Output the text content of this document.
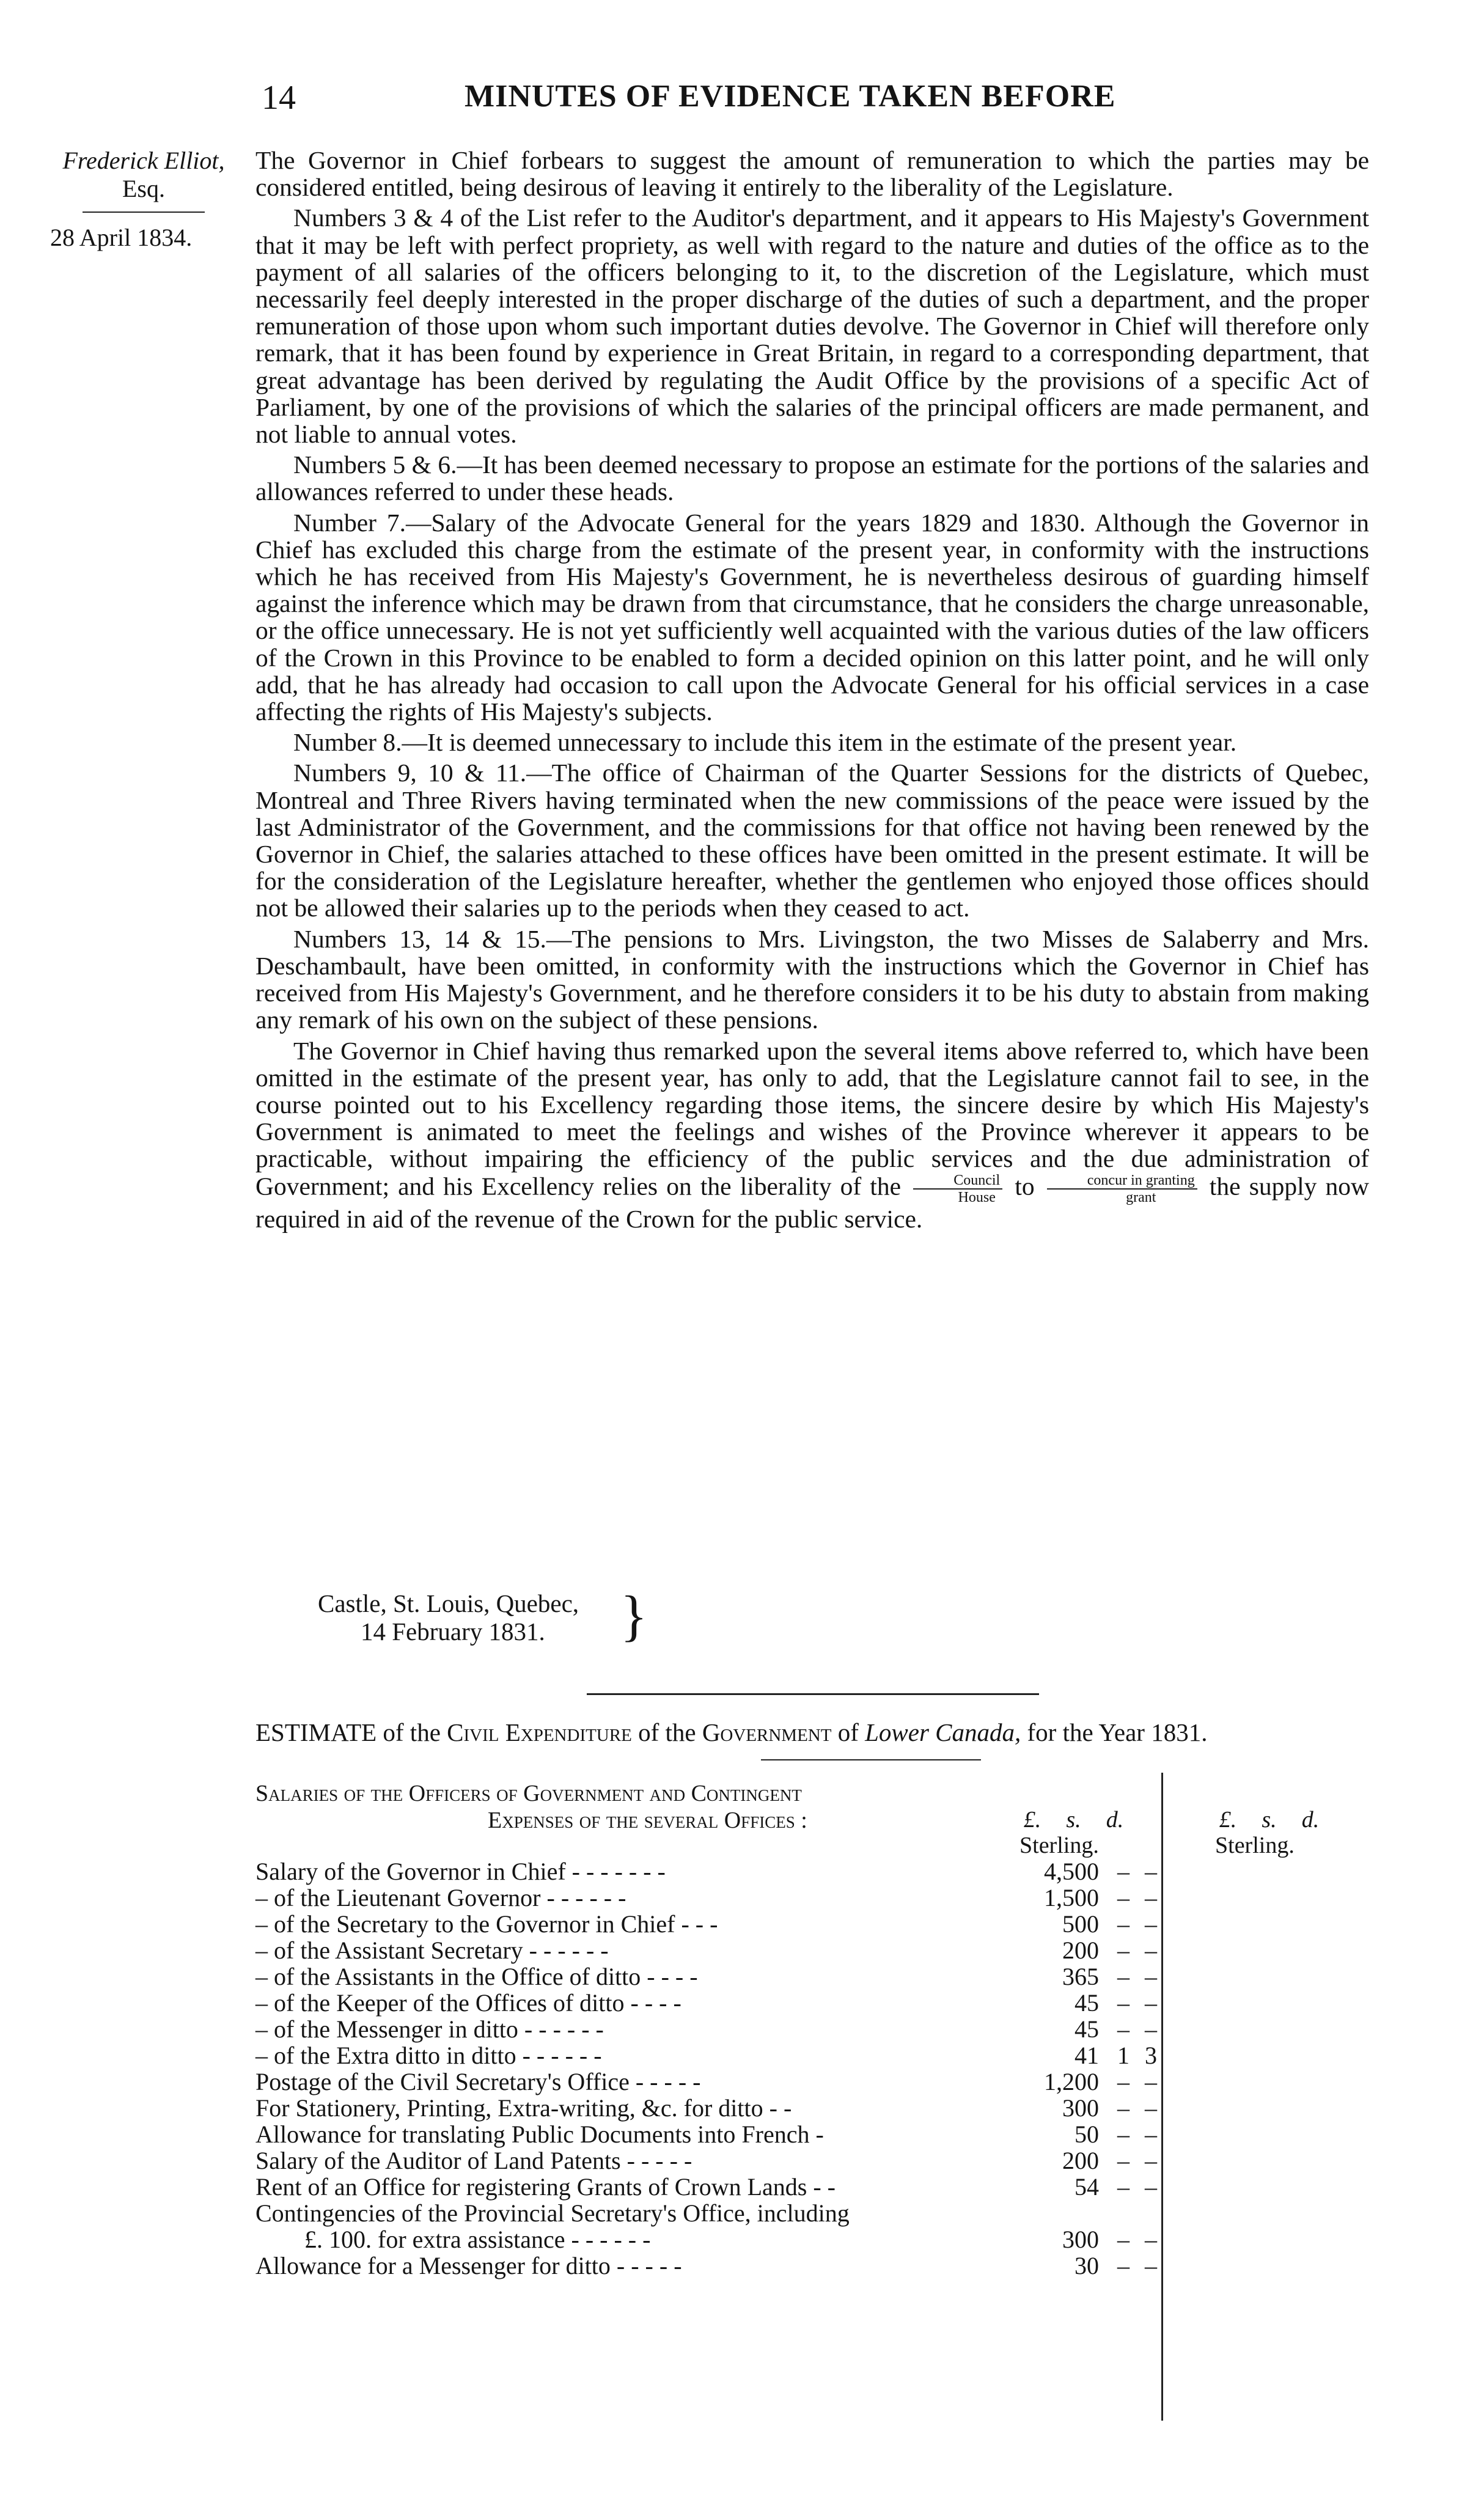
14	MINUTES OF EVIDENCE TAKEN BEFORE
Frederick Elliot,
Esq.
28 April 1834.

The Governor in Chief forbears to suggest the amount of remuneration to which the parties may be considered entitled, being desirous of leaving it entirely to the liberality of the Legislature.

Numbers 3 & 4 of the List refer to the Auditor's department, and it appears to His Majesty's Government that it may be left with perfect propriety, as well with regard to the nature and duties of the office as to the payment of all salaries of the officers belonging to it, to the discretion of the Legislature, which must necessarily feel deeply interested in the proper discharge of the duties of such a department, and the proper remuneration of those upon whom such important duties devolve. The Governor in Chief will therefore only remark, that it has been found by experience in Great Britain, in regard to a corresponding department, that great advantage has been derived by regulating the Audit Office by the provisions of a specific Act of Parliament, by one of the provisions of which the salaries of the principal officers are made permanent, and not liable to annual votes.

Numbers 5 & 6.—It has been deemed necessary to propose an estimate for the portions of the salaries and allowances referred to under these heads.

Number 7.—Salary of the Advocate General for the years 1829 and 1830. Although the Governor in Chief has excluded this charge from the estimate of the present year, in conformity with the instructions which he has received from His Majesty's Government, he is nevertheless desirous of guarding himself against the inference which may be drawn from that circumstance, that he considers the charge unreasonable, or the office unnecessary. He is not yet sufficiently well acquainted with the various duties of the law officers of the Crown in this Province to be enabled to form a decided opinion on this latter point, and he will only add, that he has already had occasion to call upon the Advocate General for his official services in a case affecting the rights of His Majesty's subjects.

Number 8.—It is deemed unnecessary to include this item in the estimate of the present year.

Numbers 9, 10 & 11.—The office of Chairman of the Quarter Sessions for the districts of Quebec, Montreal and Three Rivers having terminated when the new commissions of the peace were issued by the last Administrator of the Government, and the commissions for that office not having been renewed by the Governor in Chief, the salaries attached to these offices have been omitted in the present estimate. It will be for the consideration of the Legislature hereafter, whether the gentlemen who enjoyed those offices should not be allowed their salaries up to the periods when they ceased to act.

Numbers 13, 14 & 15.—The pensions to Mrs. Livingston, the two Misses de Salaberry and Mrs. Deschambault, have been omitted, in conformity with the instructions which the Governor in Chief has received from His Majesty's Government, and he therefore considers it to be his duty to abstain from making any remark of his own on the subject of these pensions.

The Governor in Chief having thus remarked upon the several items above referred to, which have been omitted in the estimate of the present year, has only to add, that the Legislature cannot fail to see, in the course pointed out to his Excellency regarding those items, the sincere desire by which His Majesty's Government is animated to meet the feelings and wishes of the Province wherever it appears to be practicable, without impairing the efficiency of the public services and the due administration of Government; and his Excellency relies on the liberality of the $\frac{\text{Council}}{\text{House}}$ to $\frac{\text{concur in granting}}{\text{grant}}$ the supply now required in aid of the revenue of the Crown for the public service.

Castle, St. Louis, Quebec,
14 February 1831.	}
ESTIMATE of the Civil Expenditure of the Government of Lower Canada, for the Year 1831.
Salaries of the Officers of Government and Contingent
Expenses of the several Offices :	£. s. d.
Sterling.
£. s. d.
Sterling.
Salary of the Governor in Chief - - - - - - -	4,500 – –
– of the Lieutenant Governor - - - - - -	1,500 – –
– of the Secretary to the Governor in Chief - - -	500 – –
– of the Assistant Secretary - - - - - -	200 – –
– of the Assistants in the Office of ditto - - - -	365 – –
– of the Keeper of the Offices of ditto - - - -	45 – –
– of the Messenger in ditto - - - - - -	45 – –
– of the Extra ditto in ditto - - - - - -	41 1 3
Postage of the Civil Secretary's Office - - - - -	1,200 – –
For Stationery, Printing, Extra-writing, &c. for ditto - -	300 – –
Allowance for translating Public Documents into French -	50 – –
Salary of the Auditor of Land Patents - - - - -	200 – –
Rent of an Office for registering Grants of Crown Lands - -	54 – –
Contingencies of the Provincial Secretary's Office, including
£. 100. for extra assistance - - - - - -	300 – –
Allowance for a Messenger for ditto - - - - -	30 – –
